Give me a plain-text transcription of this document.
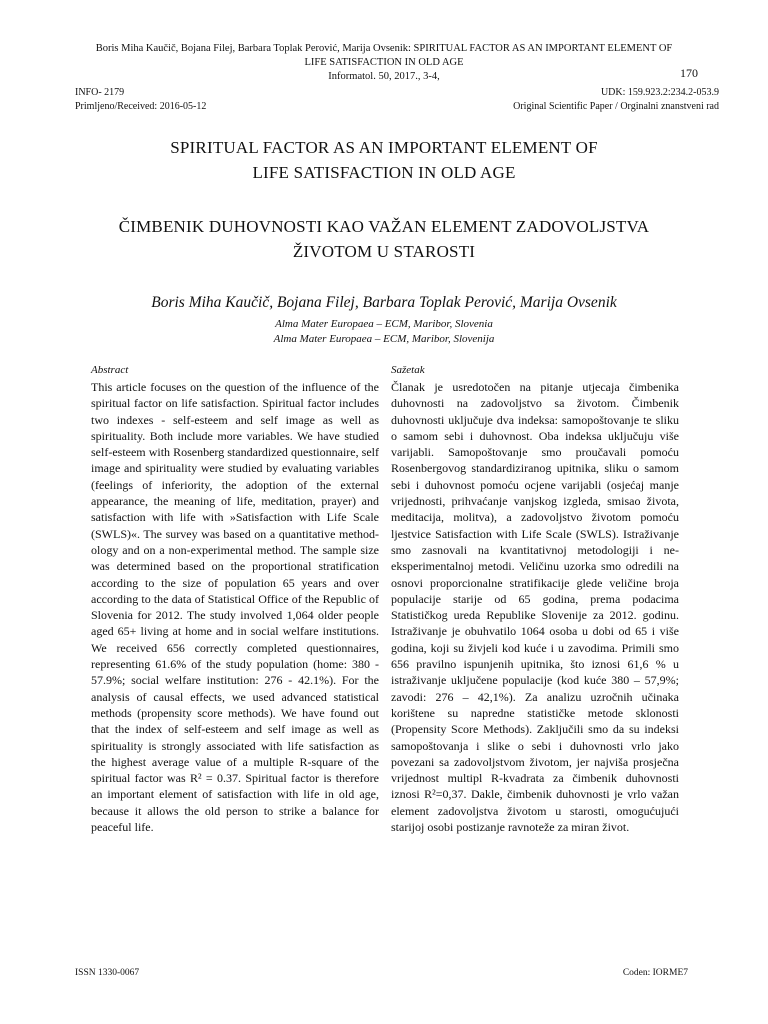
Boris Miha Kaučič, Bojana Filej, Barbara Toplak Perović, Marija Ovsenik: SPIRITUAL FACTOR AS AN IMPORTANT ELEMENT OF
LIFE SATISFACTION IN OLD AGE
Informatol. 50, 2017., 3-4,	170
INFO- 2179	UDK: 159.923.2:234.2-053.9
Primljeno/Received: 2016-05-12	Original Scientific Paper / Orginalni znanstveni rad
SPIRITUAL FACTOR AS AN IMPORTANT ELEMENT OF
LIFE SATISFACTION IN OLD AGE
ČIMBENIK DUHOVNOSTI KAO VAŽAN ELEMENT ZADOVOLJSTVA
ŽIVOTOM U STAROSTI
Boris Miha Kaučič, Bojana Filej, Barbara Toplak Perović, Marija Ovsenik
Alma Mater Europaea – ECM, Maribor, Slovenia
Alma Mater Europaea – ECM, Maribor, Slovenija
Abstract
This article focuses on the question of the influence of the spiritual factor on life satisfaction. Spiritual factor includes two indexes - self-esteem and self image as well as spirituality. Both include more variables. We have studied self-esteem with Rosenberg standardized questionnaire, self image and spirituality were studied by evaluating variables (feelings of inferiority, the adoption of the external appearance, the meaning of life, meditation, prayer) and satisfaction with life with »Satisfaction with Life Scale (SWLS)«. The survey was based on a quantitative methodology and on a non-experimental method. The sample size was determined based on the proportional stratification according to the size of population 65 years and over according to the data of Statistical Office of the Republic of Slovenia for 2012. The study involved 1,064 older people aged 65+ living at home and in social welfare institutions. We received 656 correctly completed questionnaires, representing 61.6% of the study population (home: 380 - 57.9%; social welfare institution: 276 - 42.1%). For the analysis of causal effects, we used advanced statistical methods (propensity score methods). We have found out that the index of self-esteem and self image as well as spirituality is strongly associated with life satisfaction as the highest average value of a multiple R-square of the spiritual factor was R² = 0.37. Spiritual factor is therefore an important element of satisfaction with life in old age, because it allows the old person to strike a balance for peaceful life.
Sažetak
Članak je usredotočen na pitanje utjecaja čimbenika duhovnosti na zadovoljstvo sa životom. Čimbenik duhovnosti uključuje dva indeksa: samopoštovanje te sliku o samom sebi i duhovnost. Oba indeksa uključuju više varijabli. Samopoštovanje smo proučavali pomoću Rosenbergovog standardiziranog upitnika, sliku o samom sebi i duhovnost pomoću ocjene varijabli (osjećaj manje vrijednosti, prihvaćanje vanjskog izgleda, smisao života, meditacija, molitva), a zadovoljstvo životom pomoću ljestvice Satisfaction with Life Scale (SWLS). Istraživanje smo zasnovali na kvantitativnoj metodologiji i ne-eksperimentalnoj metodi. Veličinu uzorka smo odredili na osnovi proporcionalne stratifikacije glede veličine broja populacije starije od 65 godina, prema podacima Statističkog ureda Republike Slovenije za 2012. godinu. Istraživanje je obuhvatilo 1064 osoba u dobi od 65 i više godina, koji su živjeli kod kuće i u zavodima. Primili smo 656 pravilno ispunjenih upitnika, što iznosi 61,6 % u istraživanje uključene populacije (kod kuće 380 – 57,9%; zavodi: 276 – 42,1%). Za analizu uzročnih učinaka korištene su napredne statističke metode sklonosti (Propensity Score Methods). Zaključili smo da su indeksi samopoštovanja i slike o sebi i duhovnosti vrlo jako povezani sa zadovoljstvom životom, jer najviša prosječna vrijednost multipl R-kvadrata za čimbenik duhovnosti iznosi R²=0,37. Dakle, čimbenik duhovnosti je vrlo važan element zadovoljstva životom u starosti, omogućujući starijoj osobi postizanje ravnoteže za miran život.
ISSN 1330-0067	Coden: IORME7
